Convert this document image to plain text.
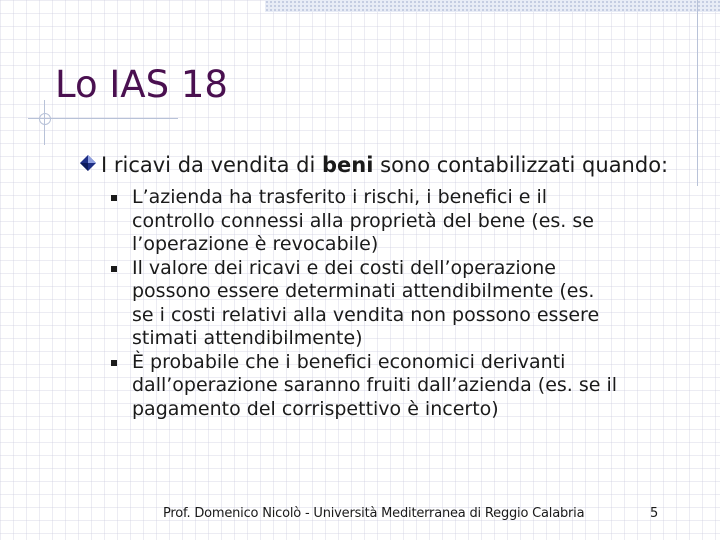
Lo IAS 18
I ricavi da vendita di beni sono contabilizzati quando:
L’azienda ha trasferito i rischi, i benefici e il controllo connessi alla proprietà del bene (es. se l’operazione è revocabile)
Il valore dei ricavi e dei costi dell’operazione possono essere determinati attendibilmente (es. se i costi relativi alla vendita non possono essere stimati attendibilmente)
È probabile che i benefici economici derivanti dall’operazione saranno fruiti dall’azienda (es. se il pagamento del corrispettivo è incerto)
Prof. Domenico Nicolò - Università Mediterranea di Reggio Calabria	5
